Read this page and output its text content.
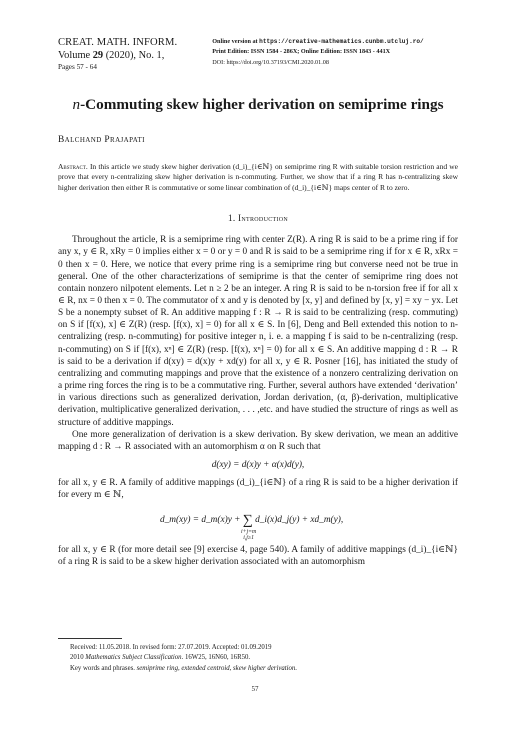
CREAT. MATH. INFORM.
Volume 29 (2020), No. 1,
Pages 57 - 64
Online version at https://creative-mathematics.cunbm.utcluj.ro/
Print Edition: ISSN 1584 - 286X; Online Edition: ISSN 1843 - 441X
DOI: https://doi.org/10.37193/CMI.2020.01.08
n-Commuting skew higher derivation on semiprime rings
Balchand Prajapati
Abstract. In this article we study skew higher derivation (d_i)_{i∈ℕ} on semiprime ring R with suitable torsion restriction and we prove that every n-centralizing skew higher derivation is n-commuting. Further, we show that if a ring R has n-centralizing skew higher derivation then either R is commutative or some linear combination of (d_i)_{i∈ℕ} maps center of R to zero.
1. Introduction

Throughout the article, R is a semiprime ring with center Z(R). A ring R is said to be a prime ring if for any x, y ∈ R, xRy = 0 implies either x = 0 or y = 0 and R is said to be a semiprime ring if for x ∈ R, xRx = 0 then x = 0. Here, we notice that every prime ring is a semiprime ring but converse need not be true in general. One of the other characterizations of semiprime is that the center of semiprime ring does not contain nonzero nilpotent elements. Let n ≥ 2 be an integer. A ring R is said to be n-torsion free if for all x ∈ R, nx = 0 then x = 0. The commutator of x and y is denoted by [x, y] and defined by [x, y] = xy − yx. Let S be a nonempty subset of R. An additive mapping f : R → R is said to be centralizing (resp. commuting) on S if [f(x), x] ∈ Z(R) (resp. [f(x), x] = 0) for all x ∈ S. In [6], Deng and Bell extended this notion to n-centralizing (resp. n-commuting) for positive integer n, i. e. a mapping f is said to be n-centralizing (resp. n-commuting) on S if [f(x), xⁿ] ∈ Z(R) (resp. [f(x), xⁿ] = 0) for all x ∈ S. An additive mapping d : R → R is said to be a derivation if d(xy) = d(x)y + xd(y) for all x, y ∈ R. Posner [16], has initiated the study of centralizing and commuting mappings and prove that the existence of a nonzero centralizing derivation on a prime ring forces the ring is to be a commutative ring. Further, several authors have extended ‘derivation’ in various directions such as generalized derivation, Jordan derivation, (α, β)-derivation, multiplicative derivation, multiplicative generalized derivation, . . . ,etc. and have studied the structure of rings as well as structure of additive mappings.

One more generalization of derivation is a skew derivation. By skew derivation, we mean an additive mapping d : R → R associated with an automorphism α on R such that

d(xy) = d(x)y + α(x)d(y),

for all x, y ∈ R. A family of additive mappings (d_i)_{i∈ℕ} of a ring R is said to be a higher derivation if for every m ∈ ℕ,

d_m(xy) = d_m(x)y + ∑ d_i(x)d_j(y) + xd_m(y),
i+j=m
i,j≥1

for all x, y ∈ R (for more detail see [9] exercise 4, page 540). A family of additive mappings (d_i)_{i∈ℕ} of a ring R is said to be a skew higher derivation associated with an automorphism

Received: 11.05.2018. In revised form: 27.07.2019. Accepted: 01.09.2019

2010 Mathematics Subject Classification. 16W25, 16N60, 16R50.

Key words and phrases. semiprime ring, extended centroid, skew higher derivation.

57
